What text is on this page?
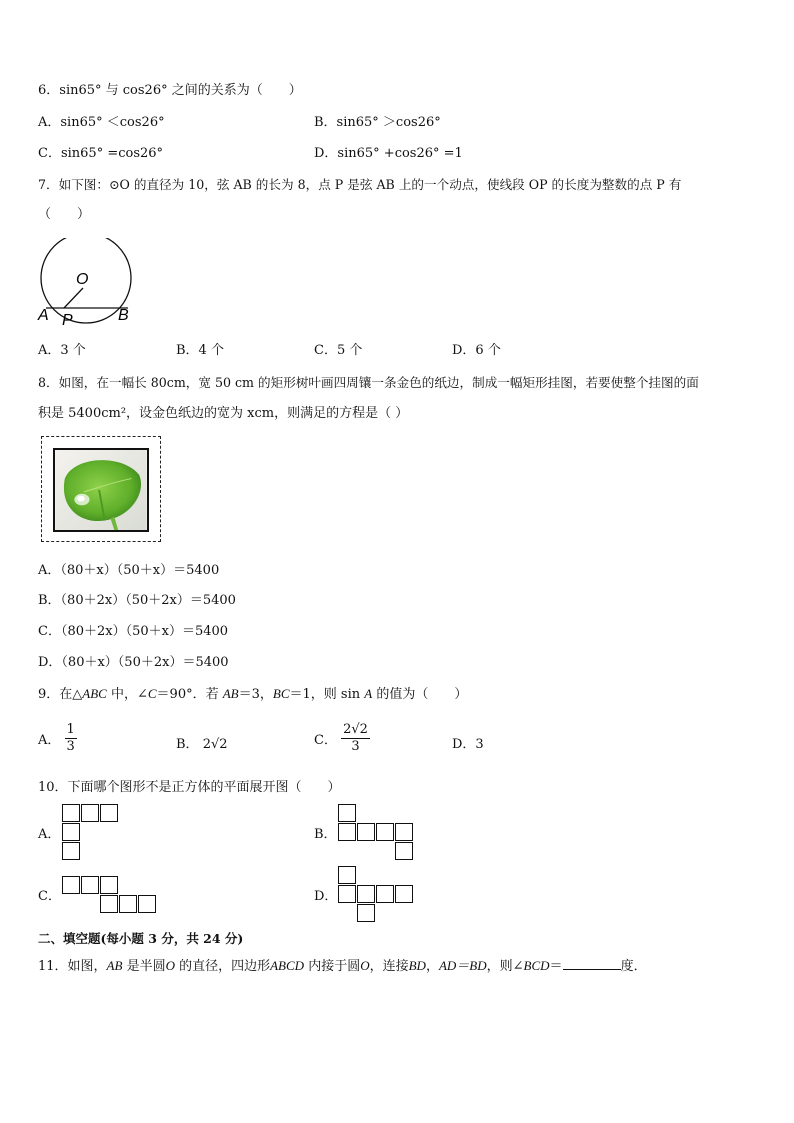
6．sin65° 与 cos26° 之间的关系为（　　）
A．sin65° ＜cos26°	B．sin65° ＞cos26°
C．sin65° =cos26°	D．sin65° +cos26° =1
7．如下图：⊙O 的直径为 10，弦 AB 的长为 8，点 P 是弦 AB 上的一个动点，使线段 OP 的长度为整数的点 P 有
（　　）
O
A P	B
A．3 个	B．4 个	C．5 个	D．6 个
8．如图，在一幅长 80cm，宽 50 cm 的矩形树叶画四周镶一条金色的纸边，制成一幅矩形挂图，若要使整个挂图的面
积是 5400cm²，设金色纸边的宽为 xcm，则满足的方程是（ ）
A．（80＋x）（50＋x）＝5400
B．（80＋2x）（50＋2x）＝5400
C．（80＋2x）（50＋x）＝5400
D．（80＋x）（50＋2x）＝5400
9．在△ABC 中，∠C＝90°．若 AB＝3，BC＝1，则 sin A 的值为（　　）
A． $\frac{1}{3}$	B． 2√2	C． $\frac{2√2}{3}$	D．3
10．下面哪个图形不是正方体的平面展开图（　　）
A．	B．
C．	D．
二、填空题(每小题 3 分，共 24 分)
11．如图，AB 是半圆O 的直径，四边形ABCD 内接于圆O，连接BD，AD＝BD，则∠BCD＝	度．
